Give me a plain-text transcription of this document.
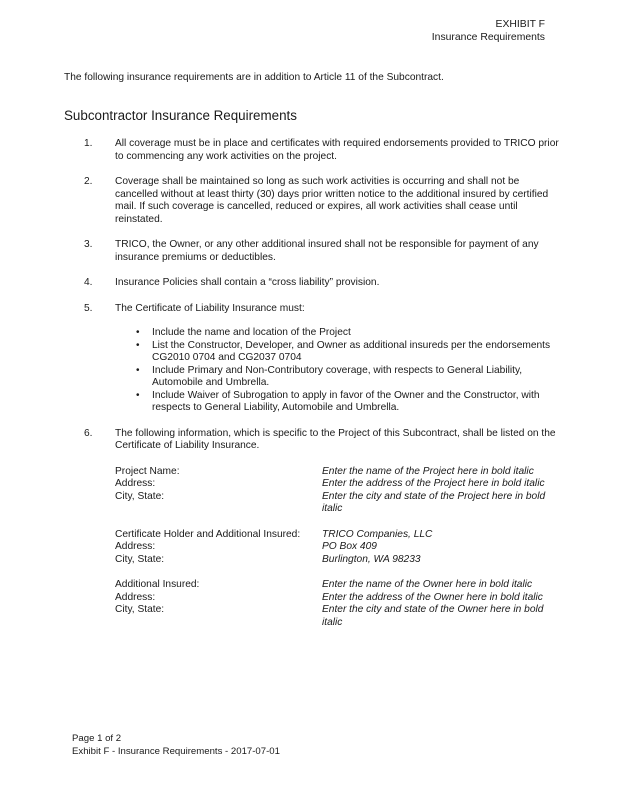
EXHIBIT F
Insurance Requirements
The following insurance requirements are in addition to Article 11 of the Subcontract.
Subcontractor Insurance Requirements
1. All coverage must be in place and certificates with required endorsements provided to TRICO prior to commencing any work activities on the project.
2. Coverage shall be maintained so long as such work activities is occurring and shall not be cancelled without at least thirty (30) days prior written notice to the additional insured by certified mail. If such coverage is cancelled, reduced or expires, all work activities shall cease until reinstated.
3. TRICO, the Owner, or any other additional insured shall not be responsible for payment of any insurance premiums or deductibles.
4. Insurance Policies shall contain a “cross liability” provision.
5. The Certificate of Liability Insurance must:
• Include the name and location of the Project
• List the Constructor, Developer, and Owner as additional insureds per the endorsements CG2010 0704 and CG2037 0704
• Include Primary and Non-Contributory coverage, with respects to General Liability, Automobile and Umbrella.
• Include Waiver of Subrogation to apply in favor of the Owner and the Constructor, with respects to General Liability, Automobile and Umbrella.
6. The following information, which is specific to the Project of this Subcontract, shall be listed on the Certificate of Liability Insurance.
Project Name:	Enter the name of the Project here in bold italic
Address:	Enter the address of the Project here in bold italic
City, State:	Enter the city and state of the Project here in bold italic
Certificate Holder and Additional Insured:	TRICO Companies, LLC
Address:	PO Box 409
City, State:	Burlington, WA 98233
Additional Insured:	Enter the name of the Owner here in bold italic
Address:	Enter the address of the Owner here in bold italic
City, State:	Enter the city and state of the Owner here in bold italic
Page 1 of 2
Exhibit F - Insurance Requirements - 2017-07-01
